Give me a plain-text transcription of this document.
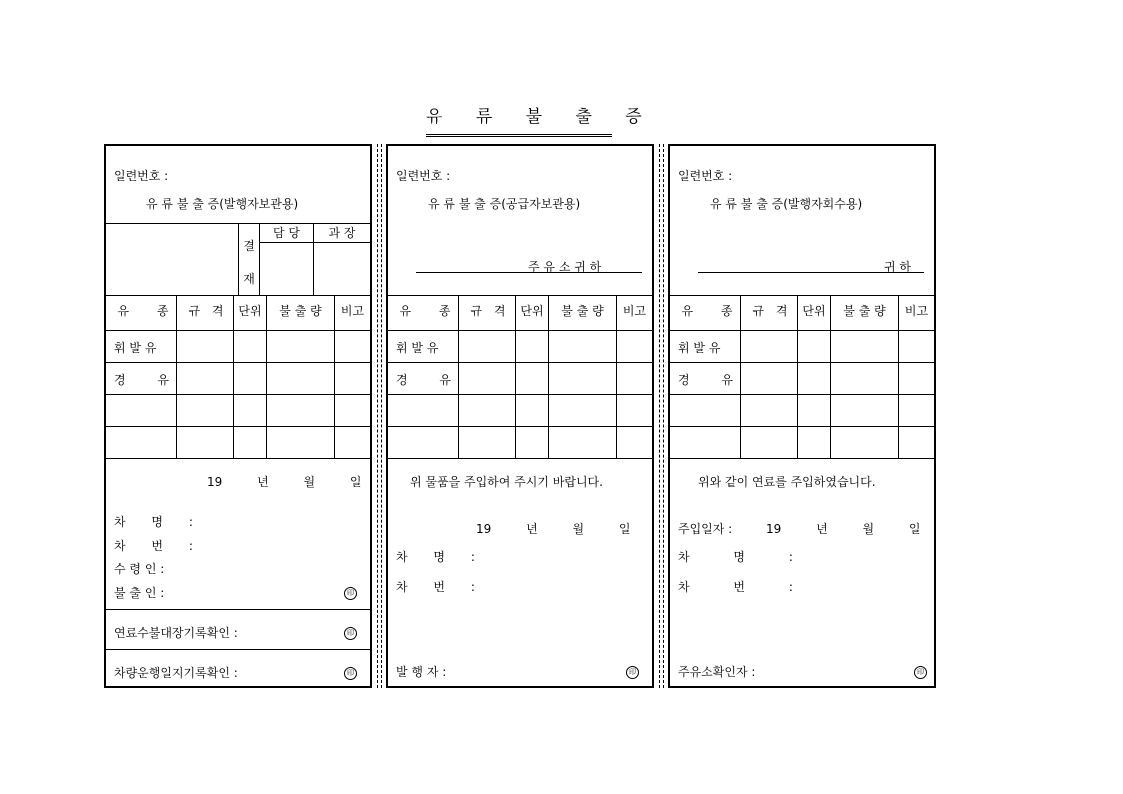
유 류 불 출 증
일련번호 :
유 류 불 출 증(발행자보관용)
결 재
담 당	과 장
유 종	규 격	단위	불 출 량	비고
휘 발 유
경 유
19 년 월 일
차 명 :
차 번 :
수 령 인 :
불 출 인 :	印
연료수불대장기록확인 :	印
차량운행일지기록확인 :	印
일련번호 :
유 류 불 출 증(공급자보관용)
주 유 소 귀 하
유 종	규 격	단위	불 출 량	비고
휘 발 유
경 유
위 물품을 주입하여 주시기 바랍니다.
19 년 월 일
차 명 :
차 번 :
발 행 자 :	印
일련번호 :
유 류 불 출 증(발행자회수용)
귀 하
유 종	규 격	단위	불 출 량	비고
휘 발 유
경 유
위와 같이 연료를 주입하였습니다.
주입일자 :	19 년 월 일
차 명 :
차 번 :
주유소확인자 :	印
